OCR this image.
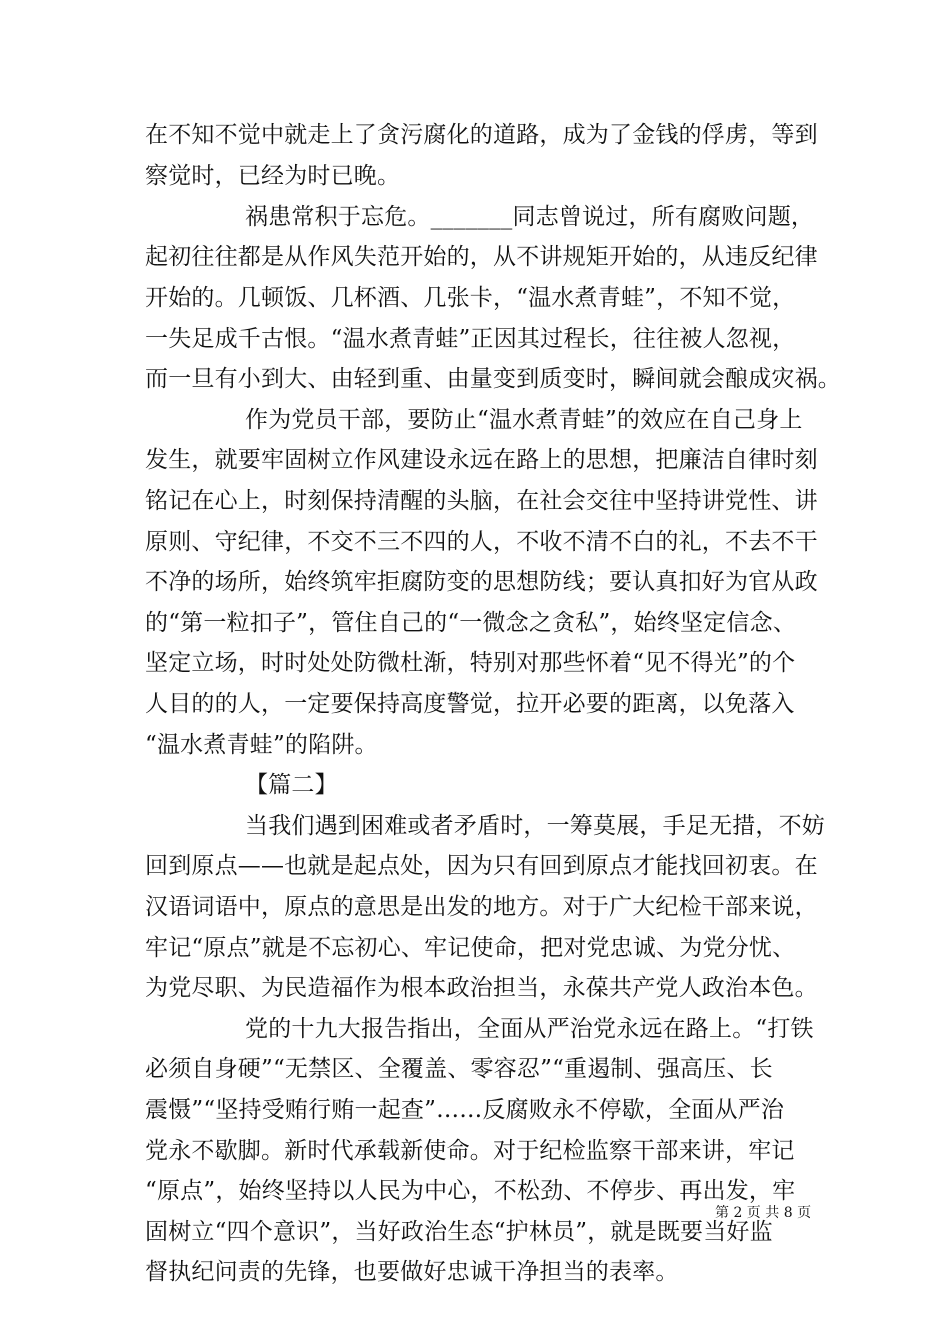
在不知不觉中就走上了贪污腐化的道路，成为了金钱的俘虏，等到
察觉时，已经为时已晚。
祸患常积于忘危。_______同志曾说过，所有腐败问题，
起初往往都是从作风失范开始的，从不讲规矩开始的，从违反纪律
开始的。几顿饭、几杯酒、几张卡，“温水煮青蛙”，不知不觉，
一失足成千古恨。“温水煮青蛙”正因其过程长，往往被人忽视，
而一旦有小到大、由轻到重、由量变到质变时，瞬间就会酿成灾祸。
作为党员干部，要防止“温水煮青蛙”的效应在自己身上
发生，就要牢固树立作风建设永远在路上的思想，把廉洁自律时刻
铭记在心上，时刻保持清醒的头脑，在社会交往中坚持讲党性、讲
原则、守纪律，不交不三不四的人，不收不清不白的礼，不去不干
不净的场所，始终筑牢拒腐防变的思想防线；要认真扣好为官从政
的“第一粒扣子”，管住自己的“一微念之贪私”，始终坚定信念、
坚定立场，时时处处防微杜渐，特别对那些怀着“见不得光”的个
人目的的人，一定要保持高度警觉，拉开必要的距离，以免落入
“温水煮青蛙”的陷阱。
【篇二】
当我们遇到困难或者矛盾时，一筹莫展，手足无措，不妨
回到原点——也就是起点处，因为只有回到原点才能找回初衷。在
汉语词语中，原点的意思是出发的地方。对于广大纪检干部来说，
牢记“原点”就是不忘初心、牢记使命，把对党忠诚、为党分忧、
为党尽职、为民造福作为根本政治担当，永葆共产党人政治本色。
党的十九大报告指出，全面从严治党永远在路上。“打铁
必须自身硬”“无禁区、全覆盖、零容忍”“重遏制、强高压、长
震慑”“坚持受贿行贿一起查”……反腐败永不停歇，全面从严治
党永不歇脚。新时代承载新使命。对于纪检监察干部来讲，牢记
“原点”，始终坚持以人民为中心，不松劲、不停步、再出发，牢
固树立“四个意识”，当好政治生态“护林员”，就是既要当好监
督执纪问责的先锋，也要做好忠诚干净担当的表率。
第 2 页 共 8 页
